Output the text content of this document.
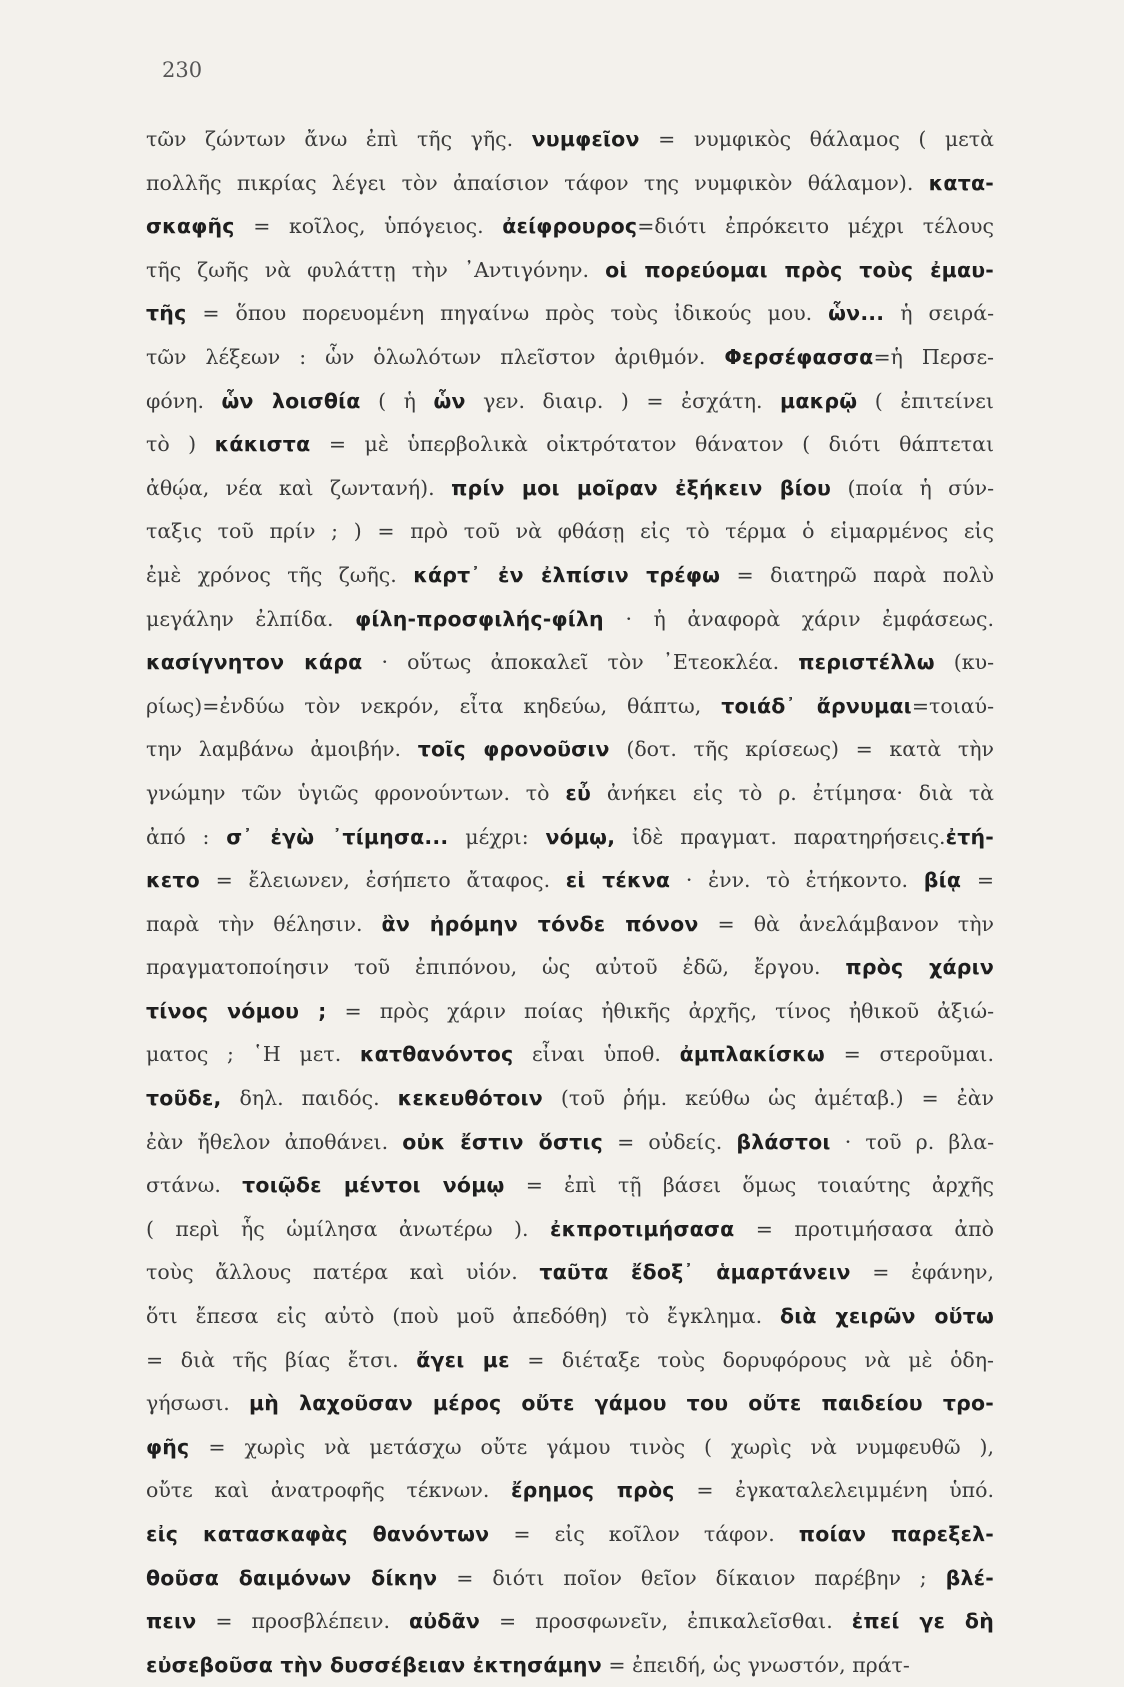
230
τῶν ζώντων ἄνω ἐπὶ τῆς γῆς. νυμφεῖον = νυμφικὸς θάλαμος ( μετὰ
πολλῆς πικρίας λέγει τὸν ἀπαίσιον τάφον της νυμφικὸν θάλαμον). κατα-
σκαφῆς = κοῖλος, ὑπόγειος. ἀείφρουρος=διότι ἐπρόκειτο μέχρι τέλους
τῆς ζωῆς νὰ φυλάττῃ τὴν ᾿Αντιγόνην. οἱ πορεύομαι πρὸς τοὺς ἐμαυ-
τῆς = ὅπου πορευομένη πηγαίνω πρὸς τοὺς ἰδικούς μου. ὧν... ἡ σειρά-
τῶν λέξεων : ὧν ὁλωλότων πλεῖστον ἀριθμόν. Φερσέφασσα=ἡ Περσε-
φόνη. ὧν λοισθία ( ἡ ὧν γεν. διαιρ. ) = ἐσχάτη. μακρῷ ( ἐπιτείνει
τὸ ) κάκιστα = μὲ ὑπερβολικὰ οἰκτρότατον θάνατον ( διότι θάπτεται
ἀθῴα, νέα καὶ ζωντανή). πρίν μοι μοῖραν ἐξήκειν βίου (ποία ἡ σύν-
ταξις τοῦ πρίν ; ) = πρὸ τοῦ νὰ φθάσῃ εἰς τὸ τέρμα ὁ εἱμαρμένος εἰς
ἐμὲ χρόνος τῆς ζωῆς. κάρτ᾿ ἐν ἐλπίσιν τρέφω = διατηρῶ παρὰ πολὺ
μεγάλην ἐλπίδα. φίλη-προσφιλής-φίλη · ἡ ἀναφορὰ χάριν ἐμφάσεως.
κασίγνητον κάρα · οὕτως ἀποκαλεῖ τὸν ᾿Ετεοκλέα. περιστέλλω (κυ-
ρίως)=ἐνδύω τὸν νεκρόν, εἶτα κηδεύω, θάπτω, τοιάδ᾿ ἄρνυμαι=τοιαύ-
την λαμβάνω ἀμοιβήν. τοῖς φρονοῦσιν (δοτ. τῆς κρίσεως) = κατὰ τὴν
γνώμην τῶν ὑγιῶς φρονούντων. τὸ εὖ ἀνήκει εἰς τὸ ρ. ἐτίμησα· διὰ τὰ
ἀπό : σ᾿ ἐγὼ ᾿τίμησα... μέχρι: νόμῳ, ἰδὲ πραγματ. παρατηρήσεις.ἐτή-
κετο = ἔλειωνεν, ἐσήπετο ἄταφος. εἰ τέκνα · ἐνν. τὸ ἐτήκοντο. βίᾳ =
παρὰ τὴν θέλησιν. ἂν ἠρόμην τόνδε πόνον = θὰ ἀνελάμβανον τὴν
πραγματοποίησιν τοῦ ἐπιπόνου, ὡς αὐτοῦ ἐδῶ, ἔργου. πρὸς χάριν
τίνος νόμου ; = πρὸς χάριν ποίας ἠθικῆς ἀρχῆς, τίνος ἠθικοῦ ἀξιώ-
ματος ; ῾Η μετ. κατθανόντος εἶναι ὑποθ. ἀμπλακίσκω = στεροῦμαι.
τοῦδε, δηλ. παιδός. κεκευθότοιν (τοῦ ῥήμ. κεύθω ὡς ἀμέταβ.) = ἐὰν
ἐὰν ἤθελον ἀποθάνει. οὐκ ἔστιν ὅστις = οὐδείς. βλάστοι · τοῦ ρ. βλα-
στάνω. τοιῷδε μέντοι νόμῳ = ἐπὶ τῇ βάσει ὅμως τοιαύτης ἀρχῆς
( περὶ ἧς ὡμίλησα ἀνωτέρω ). ἐκπροτιμήσασα = προτιμήσασα ἀπὸ
τοὺς ἄλλους πατέρα καὶ υἱόν. ταῦτα ἔδοξ᾿ ἁμαρτάνειν = ἐφάνην,
ὅτι ἔπεσα εἰς αὐτὸ (ποὺ μοῦ ἀπεδόθη) τὸ ἔγκλημα. διὰ χειρῶν οὕτω
= διὰ τῆς βίας ἔτσι. ἄγει με = διέταξε τοὺς δορυφόρους νὰ μὲ ὁδη-
γήσωσι. μὴ λαχοῦσαν μέρος οὔτε γάμου του οὔτε παιδείου τρο-
φῆς = χωρὶς νὰ μετάσχω οὔτε γάμου τινὸς ( χωρὶς νὰ νυμφευθῶ ),
οὔτε καὶ ἀνατροφῆς τέκνων. ἔρημος πρὸς = ἐγκαταλελειμμένη ὑπό.
εἰς κατασκαφὰς θανόντων = εἰς κοῖλον τάφον. ποίαν παρεξελ-
θοῦσα δαιμόνων δίκην = διότι ποῖον θεῖον δίκαιον παρέβην ; βλέ-
πειν = προσβλέπειν. αὐδᾶν = προσφωνεῖν, ἐπικαλεῖσθαι. ἐπεί γε δὴ
εὐσεβοῦσα τὴν δυσσέβειαν ἐκτησάμην = ἐπειδή, ὡς γνωστόν, πράτ-
